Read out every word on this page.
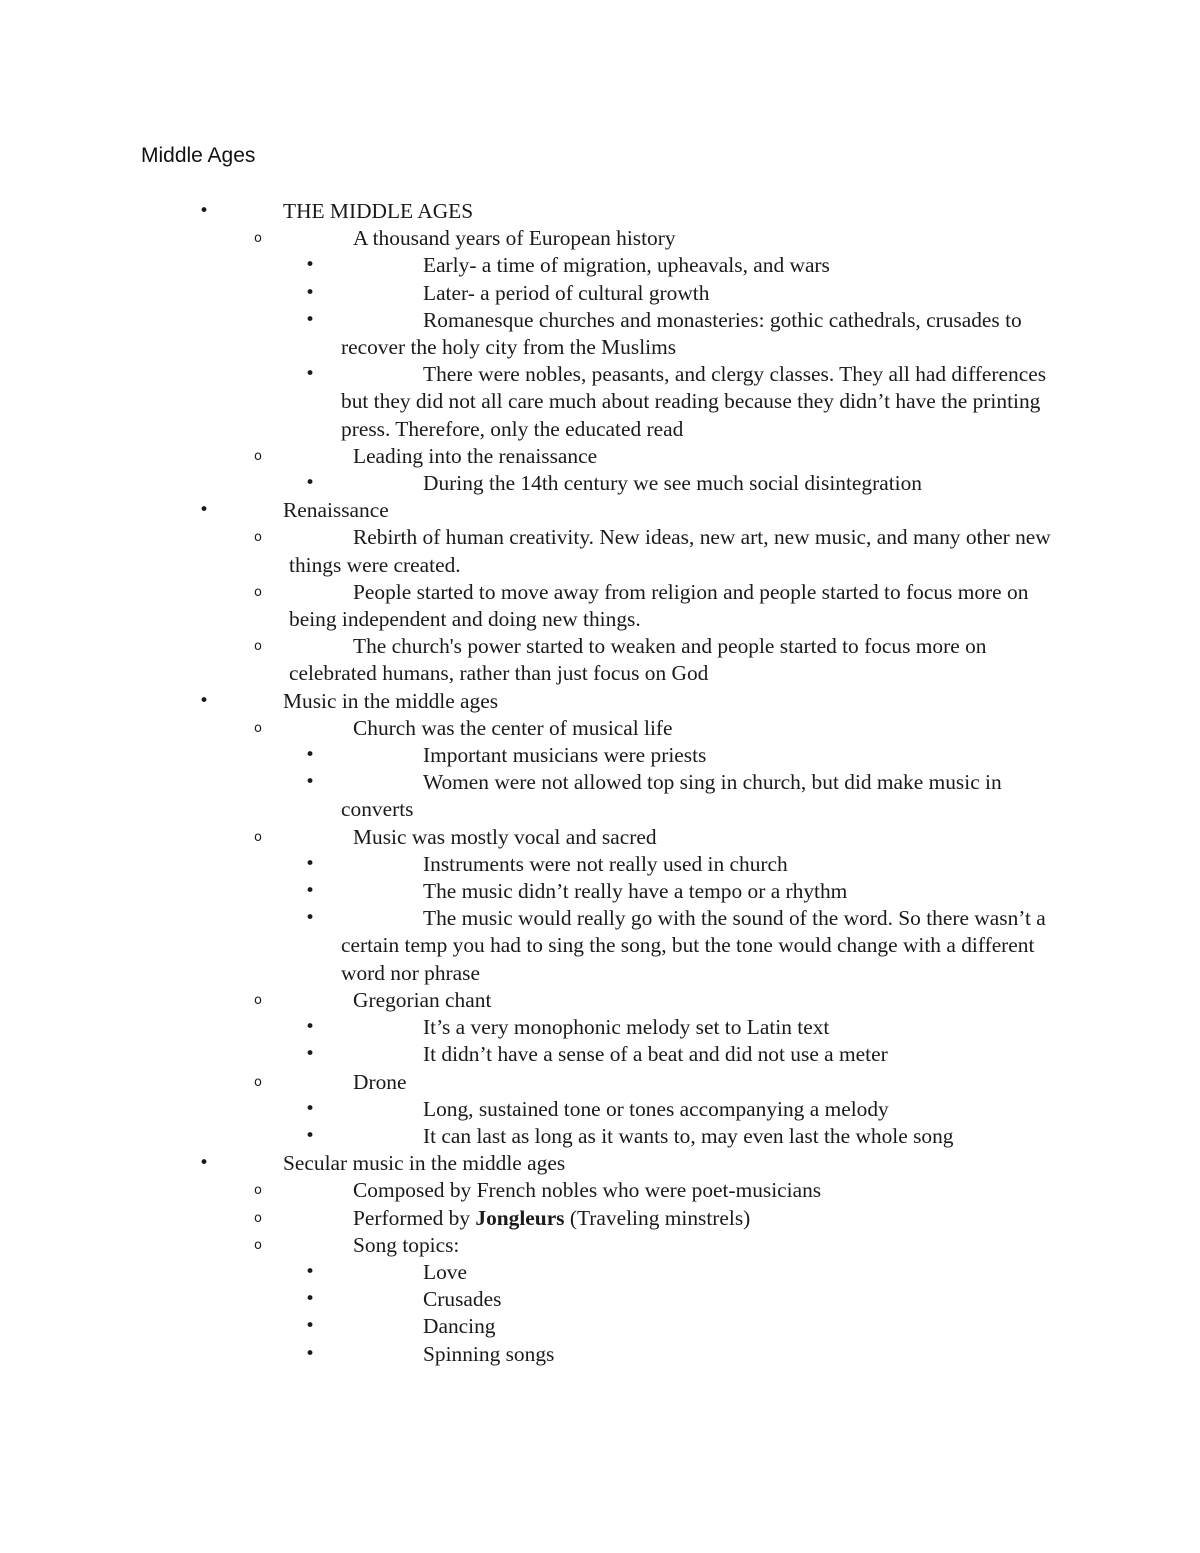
Middle Ages
•	THE MIDDLE AGES
o	A thousand years of European history
•	Early- a time of migration, upheavals, and wars
•	Later- a period of cultural growth
•	Romanesque churches and monasteries: gothic cathedrals, crusades to recover the holy city from the Muslims
•	There were nobles, peasants, and clergy classes. They all had differences but they did not all care much about reading because they didn’t have the printing press. Therefore, only the educated read
o	Leading into the renaissance
•	During the 14th century we see much social disintegration
•	Renaissance
o	Rebirth of human creativity. New ideas, new art, new music, and many other new things were created.
o	People started to move away from religion and people started to focus more on being independent and doing new things.
o	The church's power started to weaken and people started to focus more on celebrated humans, rather than just focus on God
•	Music in the middle ages
o	Church was the center of musical life
•	Important musicians were priests
•	Women were not allowed top sing in church, but did make music in converts
o	Music was mostly vocal and sacred
•	Instruments were not really used in church
•	The music didn’t really have a tempo or a rhythm
•	The music would really go with the sound of the word. So there wasn’t a certain temp you had to sing the song, but the tone would change with a different word nor phrase
o	Gregorian chant
•	It’s a very monophonic melody set to Latin text
•	It didn’t have a sense of a beat and did not use a meter
o	Drone
•	Long, sustained tone or tones accompanying a melody
•	It can last as long as it wants to, may even last the whole song
•	Secular music in the middle ages
o	Composed by French nobles who were poet-musicians
o	Performed by Jongleurs (Traveling minstrels)
o	Song topics:
•	Love
•	Crusades
•	Dancing
•	Spinning songs
